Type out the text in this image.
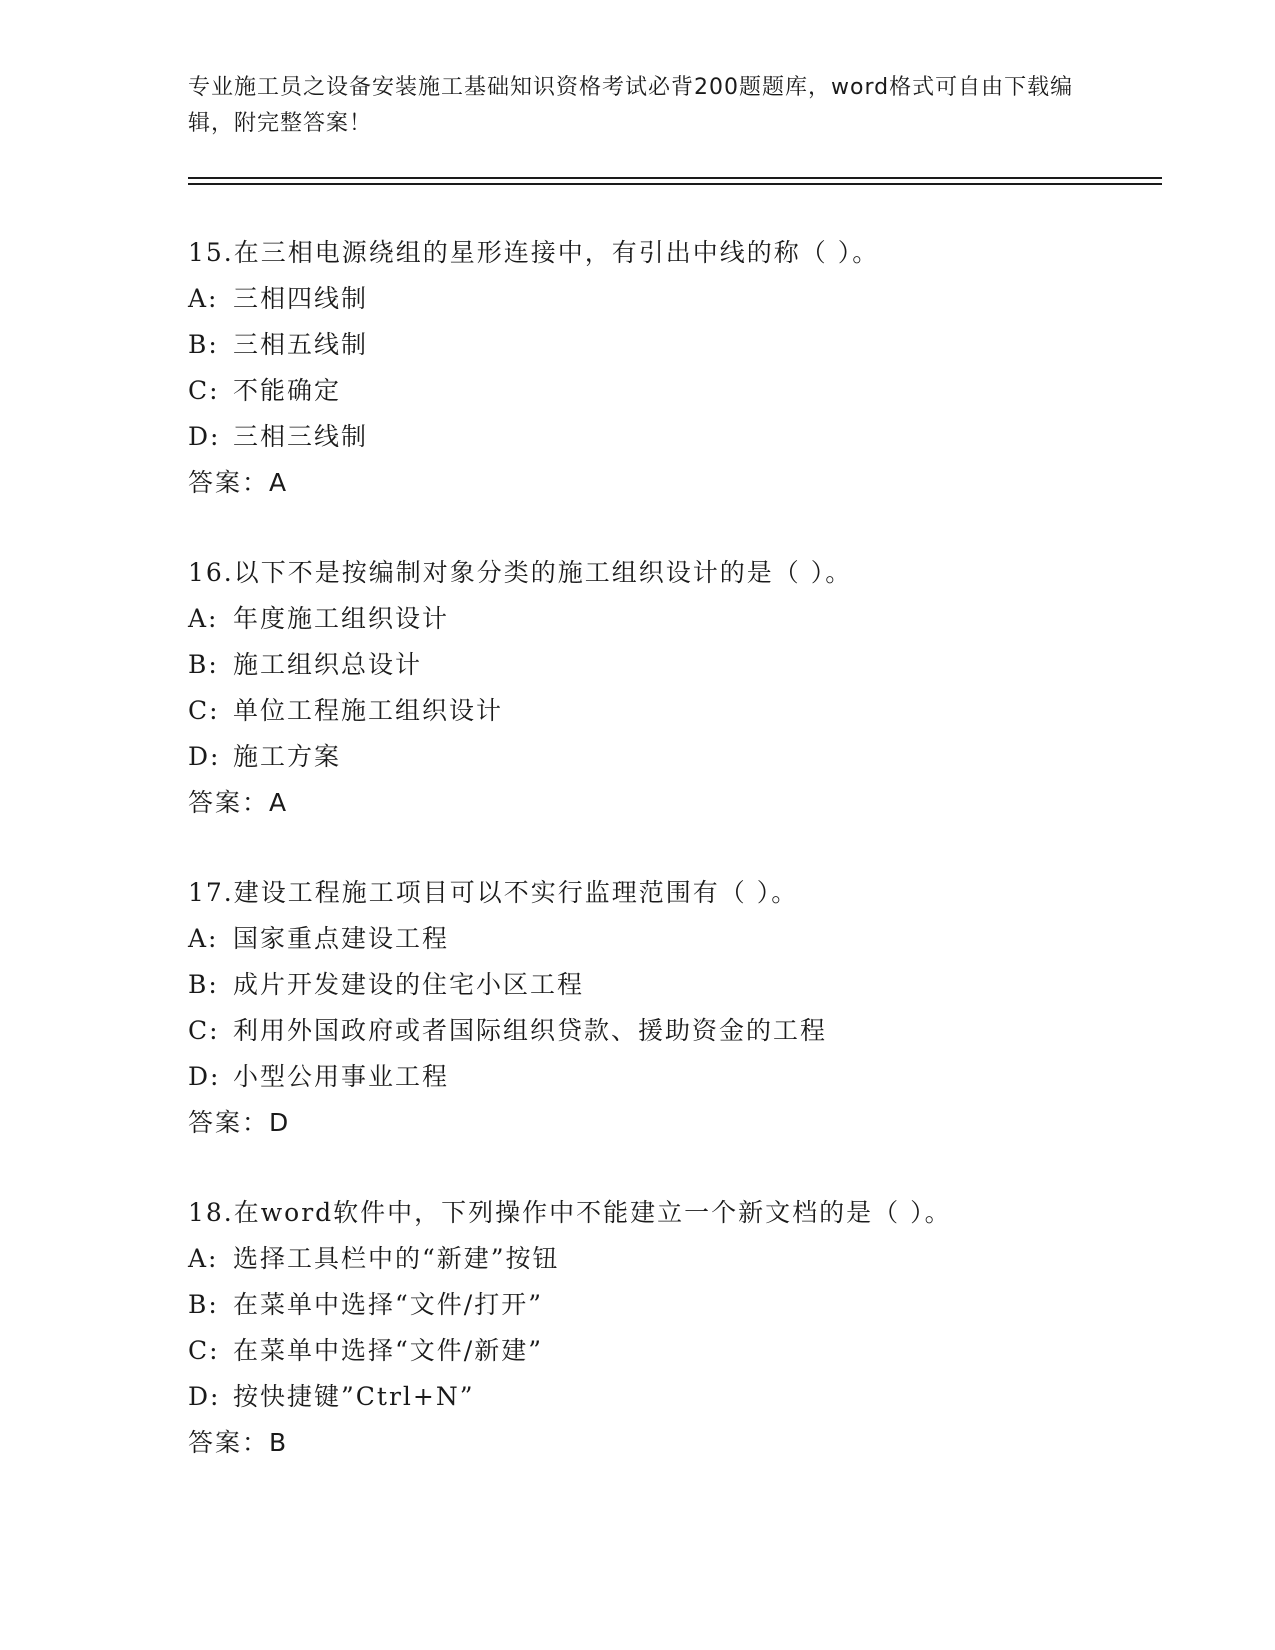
专业施工员之设备安装施工基础知识资格考试必背200题题库，word格式可自由下载编辑，附完整答案！
15.在三相电源绕组的星形连接中，有引出中线的称（ ）。
A: 三相四线制
B: 三相五线制
C: 不能确定
D: 三相三线制
答案：A
16.以下不是按编制对象分类的施工组织设计的是（ ）。
A: 年度施工组织设计
B: 施工组织总设计
C: 单位工程施工组织设计
D: 施工方案
答案：A
17.建设工程施工项目可以不实行监理范围有（ ）。
A: 国家重点建设工程
B: 成片开发建设的住宅小区工程
C: 利用外国政府或者国际组织贷款、援助资金的工程
D: 小型公用事业工程
答案：D
18.在word软件中，下列操作中不能建立一个新文档的是（ ）。
A: 选择工具栏中的“新建”按钮
B: 在菜单中选择“文件/打开”
C: 在菜单中选择“文件/新建”
D: 按快捷键”Ctrl+N”
答案：B
